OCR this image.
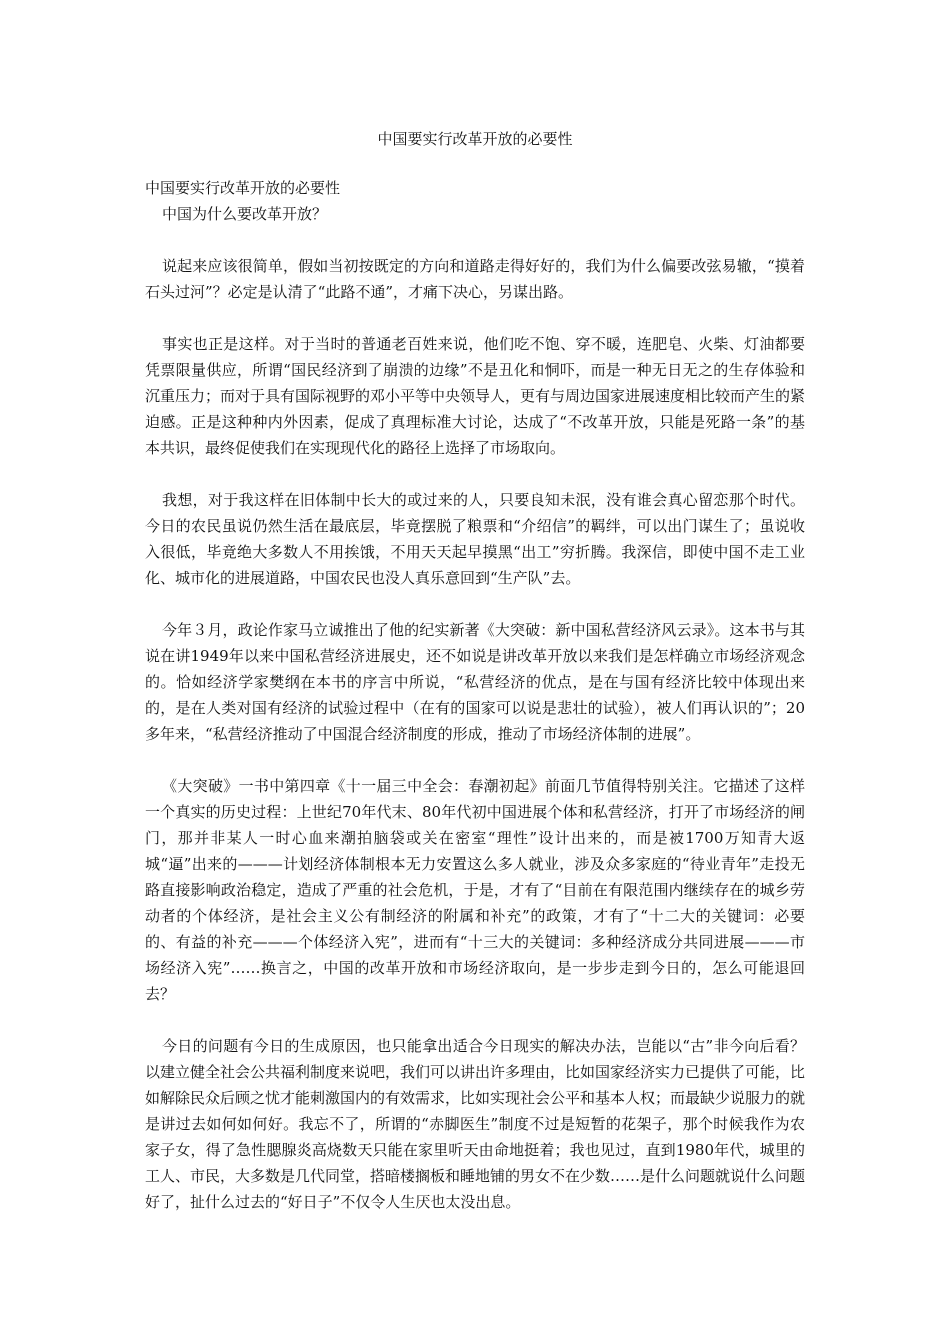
中国要实行改革开放的必要性

中国要实行改革开放的必要性

中国为什么要改革开放？

说起来应该很简单，假如当初按既定的方向和道路走得好好的，我们为什么偏要改弦易辙，“摸着石头过河”？必定是认清了“此路不通”，才痛下决心，另谋出路。

事实也正是这样。对于当时的普通老百姓来说，他们吃不饱、穿不暖，连肥皂、火柴、灯油都要凭票限量供应，所谓“国民经济到了崩溃的边缘”不是丑化和恫吓，而是一种无日无之的生存体验和沉重压力；而对于具有国际视野的邓小平等中央领导人，更有与周边国家进展速度相比较而产生的紧迫感。正是这种种内外因素，促成了真理标准大讨论，达成了“不改革开放，只能是死路一条”的基本共识，最终促使我们在实现现代化的路径上选择了市场取向。

我想，对于我这样在旧体制中长大的或过来的人，只要良知未泯，没有谁会真心留恋那个时代。今日的农民虽说仍然生活在最底层，毕竟摆脱了粮票和“介绍信”的羁绊，可以出门谋生了；虽说收入很低，毕竟绝大多数人不用挨饿，不用天天起早摸黑“出工”穷折腾。我深信，即使中国不走工业化、城市化的进展道路，中国农民也没人真乐意回到“生产队”去。

今年３月，政论作家马立诚推出了他的纪实新著《大突破：新中国私营经济风云录》。这本书与其说在讲1949年以来中国私营经济进展史，还不如说是讲改革开放以来我们是怎样确立市场经济观念的。恰如经济学家樊纲在本书的序言中所说，“私营经济的优点，是在与国有经济比较中体现出来的，是在人类对国有经济的试验过程中（在有的国家可以说是悲壮的试验），被人们再认识的”；20多年来，“私营经济推动了中国混合经济制度的形成，推动了市场经济体制的进展”。

《大突破》一书中第四章《十一届三中全会：春潮初起》前面几节值得特别关注。它描述了这样一个真实的历史过程：上世纪70年代末、80年代初中国进展个体和私营经济，打开了市场经济的闸门，那并非某人一时心血来潮拍脑袋或关在密室“理性”设计出来的，而是被1700万知青大返城“逼”出来的———计划经济体制根本无力安置这么多人就业，涉及众多家庭的“待业青年”走投无路直接影响政治稳定，造成了严重的社会危机，于是，才有了“目前在有限范围内继续存在的城乡劳动者的个体经济，是社会主义公有制经济的附属和补充”的政策，才有了“十二大的关键词：必要的、有益的补充———个体经济入宪”，进而有“十三大的关键词：多种经济成分共同进展———市场经济入宪”……换言之，中国的改革开放和市场经济取向，是一步步走到今日的，怎么可能退回去？

今日的问题有今日的生成原因，也只能拿出适合今日现实的解决办法，岂能以“古”非今向后看？以建立健全社会公共福利制度来说吧，我们可以讲出许多理由，比如国家经济实力已提供了可能，比如解除民众后顾之忧才能刺激国内的有效需求，比如实现社会公平和基本人权；而最缺少说服力的就是讲过去如何如何好。我忘不了，所谓的“赤脚医生”制度不过是短暂的花架子，那个时候我作为农家子女，得了急性腮腺炎高烧数天只能在家里听天由命地挺着；我也见过，直到1980年代，城里的工人、市民，大多数是几代同堂，搭暗楼搁板和睡地铺的男女不在少数……是什么问题就说什么问题好了，扯什么过去的“好日子”不仅令人生厌也太没出息。
